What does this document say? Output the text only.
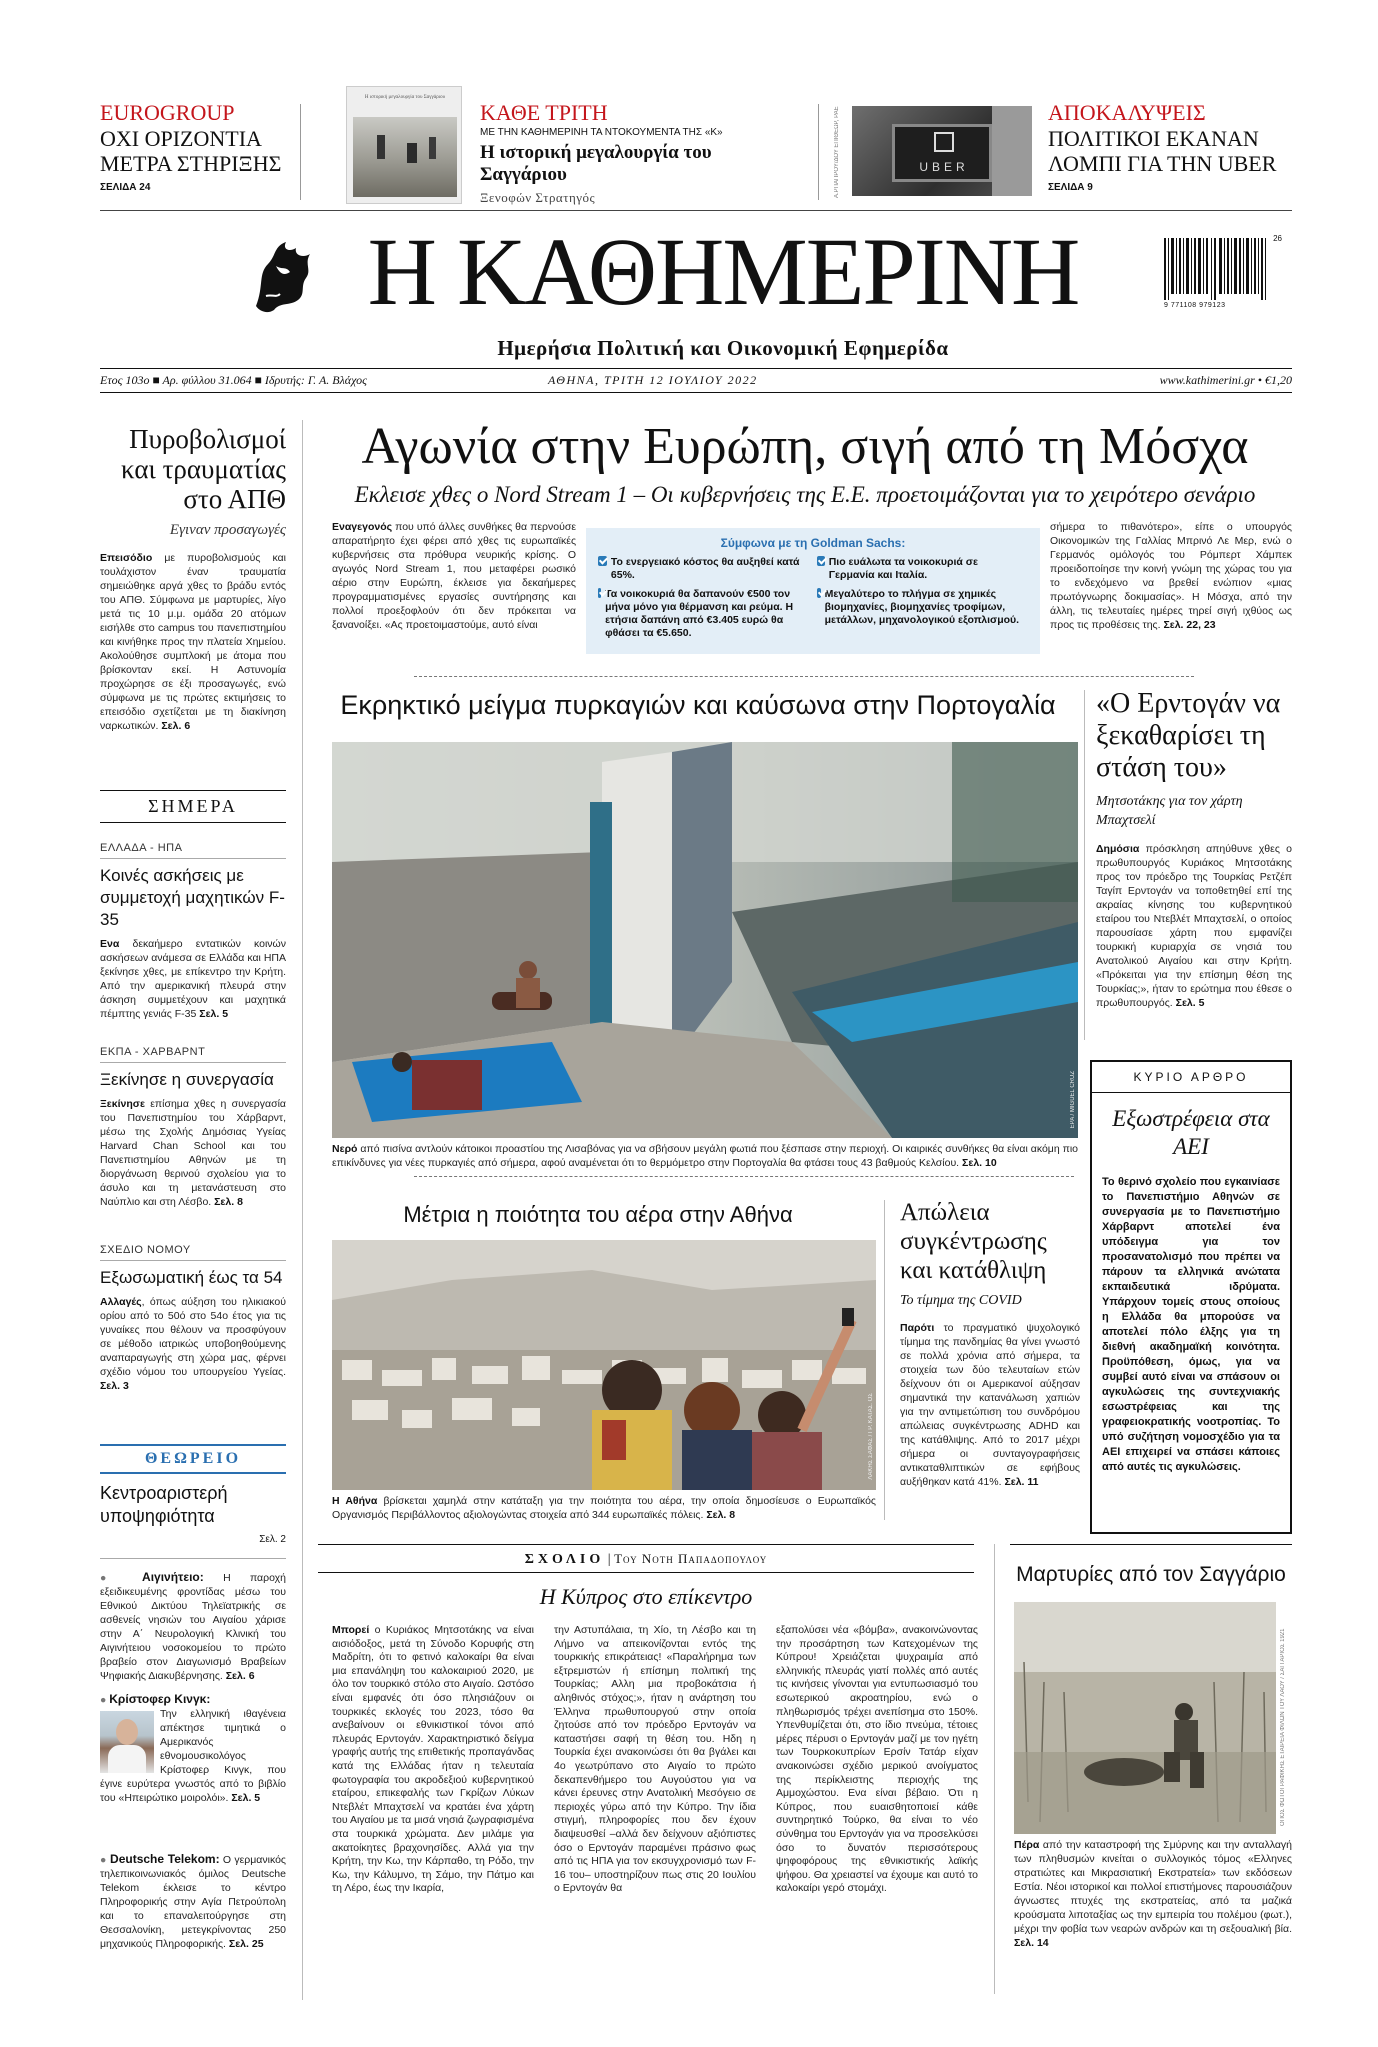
EUROGROUP
ΟΧΙ ΟΡΙΖΟΝΤΙΑ ΜΕΤΡΑ ΣΤΗΡΙΞΗΣ
ΣΕΛΙΔΑ 24
Η ιστορική μεγαλουργία του Σαγγάριου
ΚΑΘΕ ΤΡΙΤΗ
ΜΕ ΤΗΝ ΚΑΘΗΜΕΡΙΝΗ ΤΑ ΝΤΟΚΟΥΜΕΝΤΑ ΤΗΣ «Κ»
Η ιστορική μεγαλουργία του Σαγγάριου
Ξενοφών Στρατηγός	Α.ΡΠΑΠΡΟΥ/ΔΟΥ ΕΠΙΘΕΩΡ, ΡΑΕ	UBER
ΑΠΟΚΑΛΥΨΕΙΣ
ΠΟΛΙΤΙΚΟΙ ΕΚΑΝΑΝ ΛΟΜΠΙ ΓΙΑ ΤΗΝ UBER
ΣΕΛΙΔΑ 9
Η ΚΑΘΗΜΕΡΙΝΗ	26
9 771108 979123
Ημερήσια Πολιτική και Οικονομική Εφημερίδα
Ετος 103ο ■ Αρ. φύλλου 31.064 ■ Ιδρυτής: Γ. Α. Βλάχος	ΑΘΗΝΑ, ΤΡΙΤΗ 12 ΙΟΥΛΙΟΥ 2022	www.kathimerini.gr • €1,20
Πυροβολισμοί και τραυματίας στο ΑΠΘ
Εγιναν προσαγωγές
Επεισόδιο με πυροβολισμούς και τουλάχιστον έναν τραυματία σημειώθηκε αργά χθες το βράδυ εντός του ΑΠΘ. Σύμφωνα με μαρτυρίες, λίγο μετά τις 10 μ.μ. ομάδα 20 ατόμων εισήλθε στο campus του πανεπιστημίου και κινήθηκε προς την πλατεία Χημείου. Ακολούθησε συμπλοκή με άτομα που βρίσκονταν εκεί. Η Αστυνομία προχώρησε σε έξι προσαγωγές, ενώ σύμφωνα με τις πρώτες εκτιμήσεις το επεισόδιο σχετίζεται με τη διακίνηση ναρκωτικών. Σελ. 6
ΣΗΜΕΡΑ
ΕΛΛΑΔΑ - ΗΠΑ
Κοινές ασκήσεις με συμμετοχή μαχητικών F-35
Ενα δεκαήμερο εντατικών κοινών ασκήσεων ανάμεσα σε Ελλάδα και ΗΠΑ ξεκίνησε χθες, με επίκεντρο την Κρήτη. Από την αμερικανική πλευρά στην άσκηση συμμετέχουν και μαχητικά πέμπτης γενιάς F-35 Σελ. 5
ΕΚΠΑ - ΧΑΡΒΑΡΝΤ
Ξεκίνησε η συνεργασία
Ξεκίνησε επίσημα χθες η συνεργασία του Πανεπιστημίου του Χάρβαρντ, μέσω της Σχολής Δημόσιας Υγείας Harvard Chan School και του Πανεπιστημίου Αθηνών με τη διοργάνωση θερινού σχολείου για το άσυλο και τη μετανάστευση στο Ναύπλιο και στη Λέσβο. Σελ. 8
ΣΧΕΔΙΟ ΝΟΜΟΥ
Εξωσωματική έως τα 54
Αλλαγές, όπως αύξηση του ηλικιακού ορίου από το 50ό στο 54ο έτος για τις γυναίκες που θέλουν να προσφύγουν σε μέθοδο ιατρικώς υποβοηθούμενης αναπαραγωγής στη χώρα μας, φέρνει σχέδιο νόμου του υπουργείου Υγείας. Σελ. 3
ΘΕΩΡΕΙΟ
Κεντροαριστερή υποψηφιότητα
Σελ. 2
● Αιγινήτειο: Η παροχή εξειδικευμένης φροντίδας μέσω του Εθνικού Δικτύου Τηλεϊατρικής σε ασθενείς νησιών του Αιγαίου χάρισε στην Α΄ Νευρολογική Κλινική του Αιγινήτειου νοσοκομείου το πρώτο βραβείο στον Διαγωνισμό Βραβείων Ψηφιακής Διακυβέρνησης. Σελ. 6
● Κρίστοφερ Κινγκ:
Την ελληνική ιθαγένεια απέκτησε τιμητικά ο Αμερικανός εθνομουσικολόγος Κρίστοφερ Κινγκ, που έγινε ευρύτερα γνωστός από το βιβλίο του «Ηπειρώτικο μοιρολόι». Σελ. 5
● Deutsche Telekom: Ο γερμανικός τηλεπικοινωνιακός όμιλος Deutsche Telekom έκλεισε το κέντρο Πληροφορικής στην Αγία Πετρούπολη και το επαναλειτούργησε στη Θεσσαλονίκη, μετεγκρίνοντας 250 μηχανικούς Πληροφορικής. Σελ. 25
Αγωνία στην Ευρώπη, σιγή από τη Μόσχα
Εκλεισε χθες ο Nord Stream 1 – Οι κυβερνήσεις της Ε.Ε. προετοιμάζονται για το χειρότερο σενάριο
Εναγεγονός που υπό άλλες συνθήκες θα περνούσε απαρατήρητο έχει φέρει από χθες τις ευρωπαϊκές κυβερνήσεις στα πρόθυρα νευρικής κρίσης. Ο αγωγός Nord Stream 1, που μεταφέρει ρωσικό αέριο στην Ευρώπη, έκλεισε για δεκαήμερες προγραμματισμένες εργασίες συντήρησης και πολλοί προεξοφλούν ότι δεν πρόκειται να ξανανοίξει. «Ας προετοιμαστούμε, αυτό είναι
Σύμφωνα με τη Goldman Sachs:
Το ενεργειακό κόστος θα αυξηθεί κατά 65%.
Τα νοικοκυριά θα δαπανούν €500 τον μήνα μόνο για θέρμανση και ρεύμα. Η ετήσια δαπάνη από €3.405 ευρώ θα φθάσει τα €5.650.
Πιο ευάλωτα τα νοικοκυριά σε Γερμανία και Ιταλία.
Μεγαλύτερο το πλήγμα σε χημικές βιομηχανίες, βιομηχανίες τροφίμων, μετάλλων, μηχανολογικού εξοπλισμού.
σήμερα το πιθανότερο», είπε ο υπουργός Οικονομικών της Γαλλίας Μπρινό Λε Μερ, ενώ ο Γερμανός ομόλογός του Ρόμπερτ Χάμπεκ προειδοποίησε την κοινή γνώμη της χώρας του για το ενδεχόμενο να βρεθεί ενώπιον «μιας πρωτόγνωρης δοκιμασίας». Η Μόσχα, από την άλλη, τις τελευταίες ημέρες τηρεί σιγή ιχθύος ως προς τις προθέσεις της. Σελ. 22, 23
Εκρηκτικό μείγμα πυρκαγιών και καύσωνα στην Πορτογαλία
EPA / MIGUEL CRUZ
Νερό από πισίνα αντλούν κάτοικοι προαστίου της Λισαβόνας για να σβήσουν μεγάλη φωτιά που ξέσπασε στην περιοχή. Οι καιρικές συνθήκες θα είναι ακόμη πιο επικίνδυνες για νέες πυρκαγιές από σήμερα, αφού αναμένεται ότι το θερμόμετρο στην Πορτογαλία θα φτάσει τους 43 βαθμούς Κελσίου. Σελ. 10
«Ο Ερντογάν να ξεκαθαρίσει τη στάση του»
Μητσοτάκης για τον χάρτη Μπαχτσελί
Δημόσια πρόσκληση απηύθυνε χθες ο πρωθυπουργός Κυριάκος Μητσοτάκης προς τον πρόεδρο της Τουρκίας Ρετζέπ Ταγίπ Ερντογάν να τοποθετηθεί επί της ακραίας κίνησης του κυβερνητικού εταίρου του Ντεβλέτ Μπαχτσελί, ο οποίος παρουσίασε χάρτη που εμφανίζει τουρκική κυριαρχία σε νησιά του Ανατολικού Αιγαίου και στην Κρήτη. «Πρόκειται για την επίσημη θέση της Τουρκίας;», ήταν το ερώτημα που έθεσε ο πρωθυπουργός. Σελ. 5
ΚΥΡΙΟ ΑΡΘΡΟ
Εξωστρέφεια στα ΑΕΙ
Το θερινό σχολείο που εγκαινίασε το Πανεπιστήμιο Αθηνών σε συνεργασία με το Πανεπιστήμιο Χάρβαρντ αποτελεί ένα υπόδειγμα για τον προσανατολισμό που πρέπει να πάρουν τα ελληνικά ανώτατα εκπαιδευτικά ιδρύματα. Υπάρχουν τομείς στους οποίους η Ελλάδα θα μπορούσε να αποτελεί πόλο έλξης για τη διεθνή ακαδημαϊκή κοινότητα. Προϋπόθεση, όμως, για να συμβεί αυτό είναι να σπάσουν οι αγκυλώσεις της συντεχνιακής εσωστρέφειας και της γραφειοκρατικής νοοτροπίας. Το υπό συζήτηση νομοσχέδιο για τα ΑΕΙ επιχειρεί να σπάσει κάποιες από αυτές τις αγκυλώσεις.
Μέτρια η ποιότητα του αέρα στην Αθήνα
ΛΑΚΗΣ ΣΑΦΑΣ / ΓΡ. ΚΑΤΑΣ. ΟΣ
Η Αθήνα βρίσκεται χαμηλά στην κατάταξη για την ποιότητα του αέρα, την οποία δημοσίευσε ο Ευρωπαϊκός Οργανισμός Περιβάλλοντος αξιολογώντας στοιχεία από 344 ευρωπαϊκές πόλεις. Σελ. 8
Απώλεια συγκέντρωσης και κατάθλιψη
Το τίμημα της COVID
Παρότι το πραγματικό ψυχολογικό τίμημα της πανδημίας θα γίνει γνωστό σε πολλά χρόνια από σήμερα, τα στοιχεία των δύο τελευταίων ετών δείχνουν ότι οι Αμερικανοί αύξησαν σημαντικά την κατανάλωση χαπιών για την αντιμετώπιση του συνδρόμου απώλειας συγκέντρωσης ADHD και της κατάθλιψης. Από το 2017 μέχρι σήμερα οι συνταγογραφήσεις αντικαταθλιπτικών σε εφήβους αυξήθηκαν κατά 41%. Σελ. 11
ΣΧΟΛΙΟ | Του Νοτη Παπαδοπουλου
Η Κύπρος στο επίκεντρο
Μπορεί ο Κυριάκος Μητσοτάκης να είναι αισιόδοξος, μετά τη Σύνοδο Κορυφής στη Μαδρίτη, ότι το φετινό καλοκαίρι θα είναι μια επανάληψη του καλοκαιριού 2020, με όλο τον τουρκικό στόλο στο Αιγαίο. Ωστόσο είναι εμφανές ότι όσο πλησιάζουν οι τουρκικές εκλογές του 2023, τόσο θα ανεβαίνουν οι εθνικιστικοί τόνοι από πλευράς Ερντογάν. Χαρακτηριστικό δείγμα γραφής αυτής της επιθετικής προπαγάνδας κατά της Ελλάδας ήταν η τελευταία φωτογραφία του ακροδεξιού κυβερνητικού εταίρου, επικεφαλής των Γκρίζων Λύκων Ντεβλέτ Μπαχτσελί να κρατάει ένα χάρτη του Αιγαίου με τα μισά νησιά ζωγραφισμένα στα τουρκικά χρώματα. Δεν μιλάμε για ακατοίκητες βραχονησίδες. Αλλά για την Κρήτη, την Κω, την Κάρπαθο, τη Ρόδο, την Κω, την Κάλυμνο, τη Σάμο, την Πάτμο και τη Λέρο, έως την Ικαρία,
την Αστυπάλαια, τη Χίο, τη Λέσβο και τη Λήμνο να απεικονίζονται εντός της τουρκικής επικράτειας! «Παραλήρημα των εξτρεμιστών ή επίσημη πολιτική της Τουρκίας; Αλλη μια προβοκάτσια ή αληθινός στόχος;», ήταν η ανάρτηση του Έλληνα πρωθυπουργού στην οποία ζητούσε από τον πρόεδρο Ερντογάν να καταστήσει σαφή τη θέση του. Ηδη η Τουρκία έχει ανακοινώσει ότι θα βγάλει και 4ο γεωτρύπανο στο Αιγαίο το πρώτο δεκαπενθήμερο του Αυγούστου για να κάνει έρευνες στην Ανατολική Μεσόγειο σε περιοχές γύρω από την Κύπρο. Την ίδια στιγμή, πληροφορίες που δεν έχουν διαψευσθεί –αλλά δεν δείχνουν αξιόπιστες όσο ο Ερντογάν παραμένει πράσινο φως από τις ΗΠΑ για τον εκσυγχρονισμό των F-16 του– υποστηρίζουν πως στις 20 Ιουλίου ο Ερντογάν θα
εξαπολύσει νέα «βόμβα», ανακοινώνοντας την προσάρτηση των Κατεχομένων της Κύπρου! Χρειάζεται ψυχραιμία από ελληνικής πλευράς γιατί πολλές από αυτές τις κινήσεις γίνονται για εντυπωσιασμό του εσωτερικού ακροατηρίου, ενώ ο πληθωρισμός τρέχει ανεπίσημα στο 150%. Υπενθυμίζεται ότι, στο ίδιο πνεύμα, τέτοιες μέρες πέρυσι ο Ερντογάν μαζί με τον ηγέτη των Τουρκοκυπρίων Ερσίν Τατάρ είχαν ανακοινώσει σχέδιο μερικού ανοίγματος της περίκλειστης περιοχής της Αμμοχώστου. Ενα είναι βέβαιο. Ότι η Κύπρος, που ευαισθητοποιεί κάθε συντηρητικό Τούρκο, θα είναι το νέο σύνθημα του Ερντογάν για να προσελκύσει όσο το δυνατόν περισσότερους ψηφοφόρους της εθνικιστικής λαϊκής ψήφου. Θα χρειαστεί να έχουμε και αυτό το καλοκαίρι γερό στομάχι.
Μαρτυρίες από τον Σαγγάριο
ΟΠΟΣ ΦΩΤΟΓΡΑΦΙΚΗΣ ΕΤΑΙΡΕΙΑ ΦΙΛΩΝ ΤΟΥ ΛΑΟΥ / ΣΑΓΓΑΡΙΟΣ 1921
Πέρα από την καταστροφή της Σμύρνης και την ανταλλαγή των πληθυσμών κινείται ο συλλογικός τόμος «Ελληνες στρατιώτες και Μικρασιατική Εκστρατεία» των εκδόσεων Εστία. Νέοι ιστορικοί και πολλοί επιστήμονες παρουσιάζουν άγνωστες πτυχές της εκστρατείας, από τα μαζικά κρούσματα λιποταξίας ως την εμπειρία του πολέμου (φωτ.), μέχρι την φοβία των νεαρών ανδρών και τη σεξουαλική βία. Σελ. 14
